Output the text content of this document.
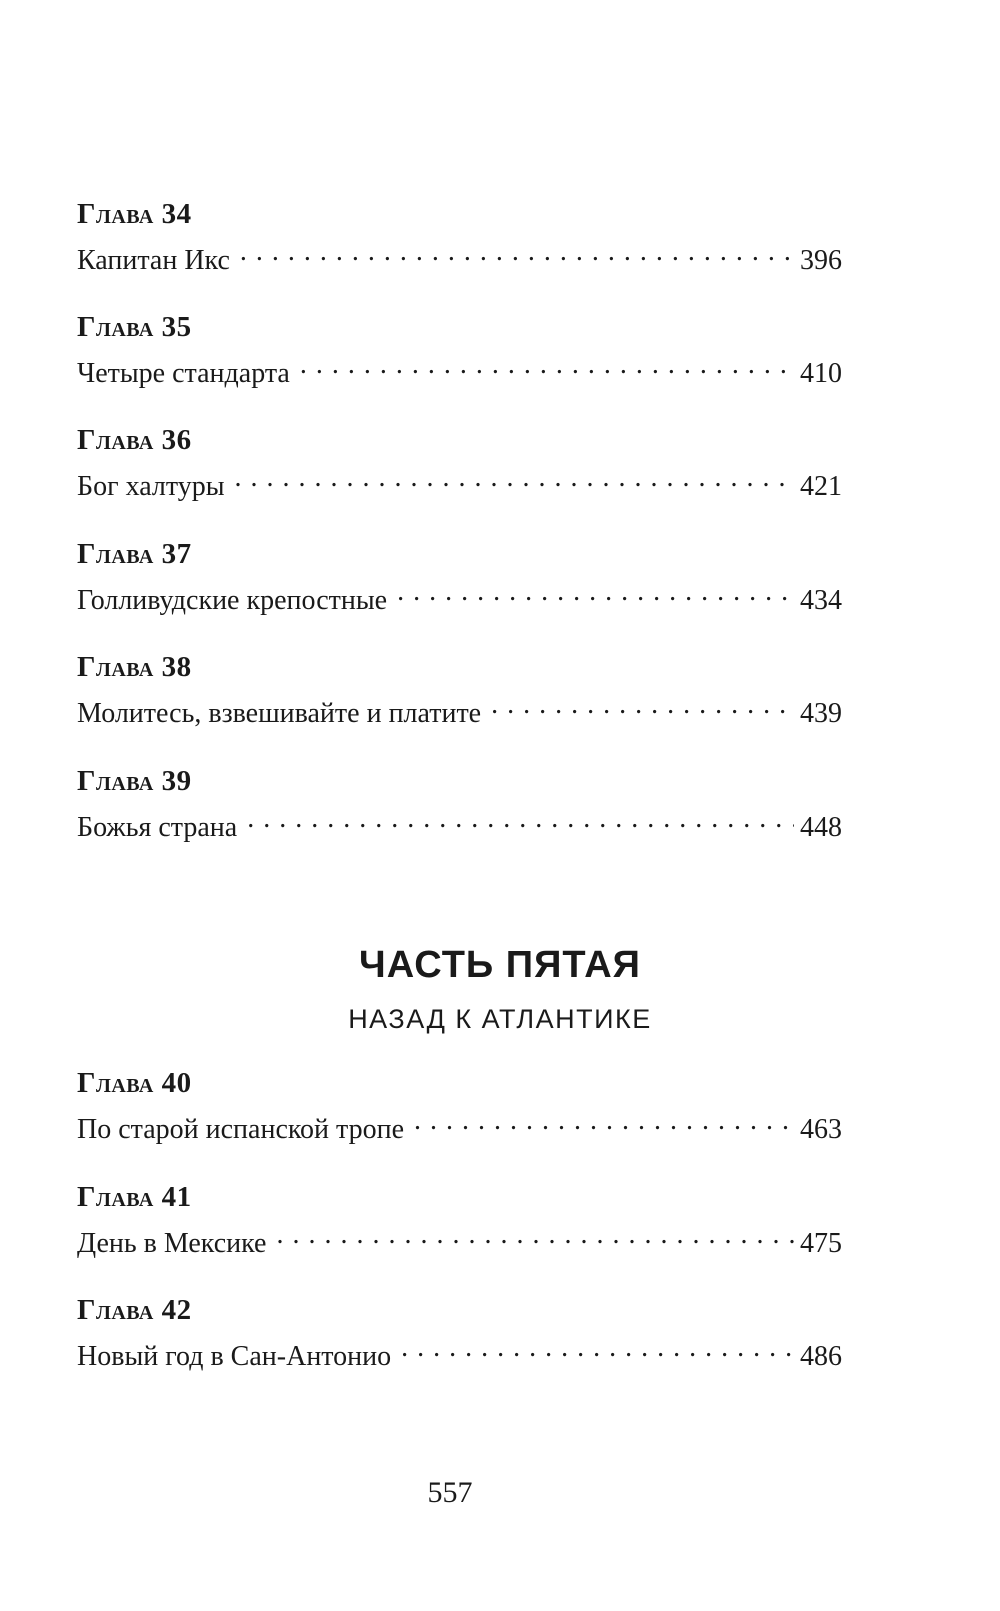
Глава 34
Капитан Икс . . .	396
Глава 35
Четыре стандарта . . .	410
Глава 36
Бог халтуры . . .	421
Глава 37
Голливудские крепостные . . .	434
Глава 38
Молитесь, взвешивайте и платите . . .	439
Глава 39
Божья страна . . .	448
Глава 40
По старой испанской тропе . . .	463
Глава 41
День в Мексике . . .	475
Глава 42
Новый год в Сан-Антонио . . .	486
ЧАСТЬ ПЯТАЯ
НАЗАД К АТЛАНТИКЕ
557
